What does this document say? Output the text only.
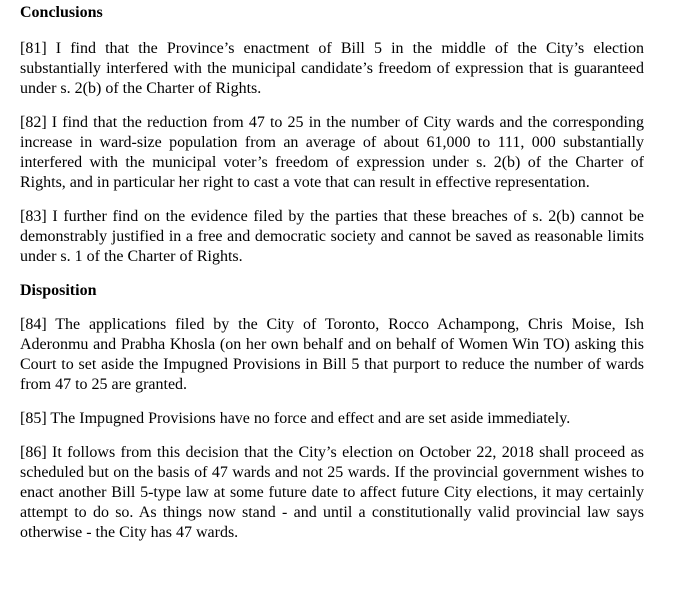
Conclusions

[81] I find that the Province’s enactment of Bill 5 in the middle of the City’s election substantially interfered with the municipal candidate’s freedom of expression that is guaranteed under s. 2(b) of the Charter of Rights.

[82] I find that the reduction from 47 to 25 in the number of City wards and the corresponding increase in ward-size population from an average of about 61,000 to 111, 000 substantially interfered with the municipal voter’s freedom of expression under s. 2(b) of the Charter of Rights, and in particular her right to cast a vote that can result in effective representation.

[83] I further find on the evidence filed by the parties that these breaches of s. 2(b) cannot be demonstrably justified in a free and democratic society and cannot be saved as reasonable limits under s. 1 of the Charter of Rights.

Disposition

[84] The applications filed by the City of Toronto, Rocco Achampong, Chris Moise, Ish Aderonmu and Prabha Khosla (on her own behalf and on behalf of Women Win TO) asking this Court to set aside the Impugned Provisions in Bill 5 that purport to reduce the number of wards from 47 to 25 are granted.

[85] The Impugned Provisions have no force and effect and are set aside immediately.

[86] It follows from this decision that the City’s election on October 22, 2018 shall proceed as scheduled but on the basis of 47 wards and not 25 wards. If the provincial government wishes to enact another Bill 5-type law at some future date to affect future City elections, it may certainly attempt to do so. As things now stand - and until a constitutionally valid provincial law says otherwise - the City has 47 wards.
